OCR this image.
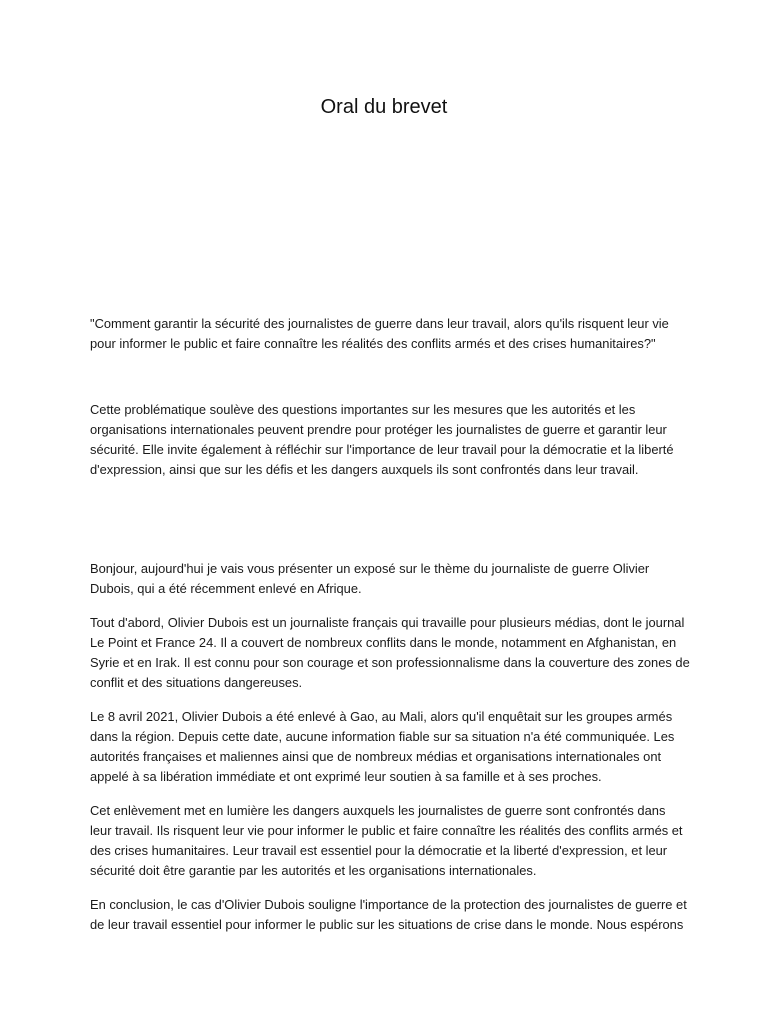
Oral du brevet

"Comment garantir la sécurité des journalistes de guerre dans leur travail, alors qu'ils risquent leur vie pour informer le public et faire connaître les réalités des conflits armés et des crises humanitaires?"

Cette problématique soulève des questions importantes sur les mesures que les autorités et les organisations internationales peuvent prendre pour protéger les journalistes de guerre et garantir leur sécurité. Elle invite également à réfléchir sur l'importance de leur travail pour la démocratie et la liberté d'expression, ainsi que sur les défis et les dangers auxquels ils sont confrontés dans leur travail.

Bonjour, aujourd'hui je vais vous présenter un exposé sur le thème du journaliste de guerre Olivier Dubois, qui a été récemment enlevé en Afrique.

Tout d'abord, Olivier Dubois est un journaliste français qui travaille pour plusieurs médias, dont le journal Le Point et France 24. Il a couvert de nombreux conflits dans le monde, notamment en Afghanistan, en Syrie et en Irak. Il est connu pour son courage et son professionnalisme dans la couverture des zones de conflit et des situations dangereuses.

Le 8 avril 2021, Olivier Dubois a été enlevé à Gao, au Mali, alors qu'il enquêtait sur les groupes armés dans la région. Depuis cette date, aucune information fiable sur sa situation n'a été communiquée. Les autorités françaises et maliennes ainsi que de nombreux médias et organisations internationales ont appelé à sa libération immédiate et ont exprimé leur soutien à sa famille et à ses proches.

Cet enlèvement met en lumière les dangers auxquels les journalistes de guerre sont confrontés dans leur travail. Ils risquent leur vie pour informer le public et faire connaître les réalités des conflits armés et des crises humanitaires. Leur travail est essentiel pour la démocratie et la liberté d'expression, et leur sécurité doit être garantie par les autorités et les organisations internationales.

En conclusion, le cas d'Olivier Dubois souligne l'importance de la protection des journalistes de guerre et de leur travail essentiel pour informer le public sur les situations de crise dans le monde. Nous espérons
